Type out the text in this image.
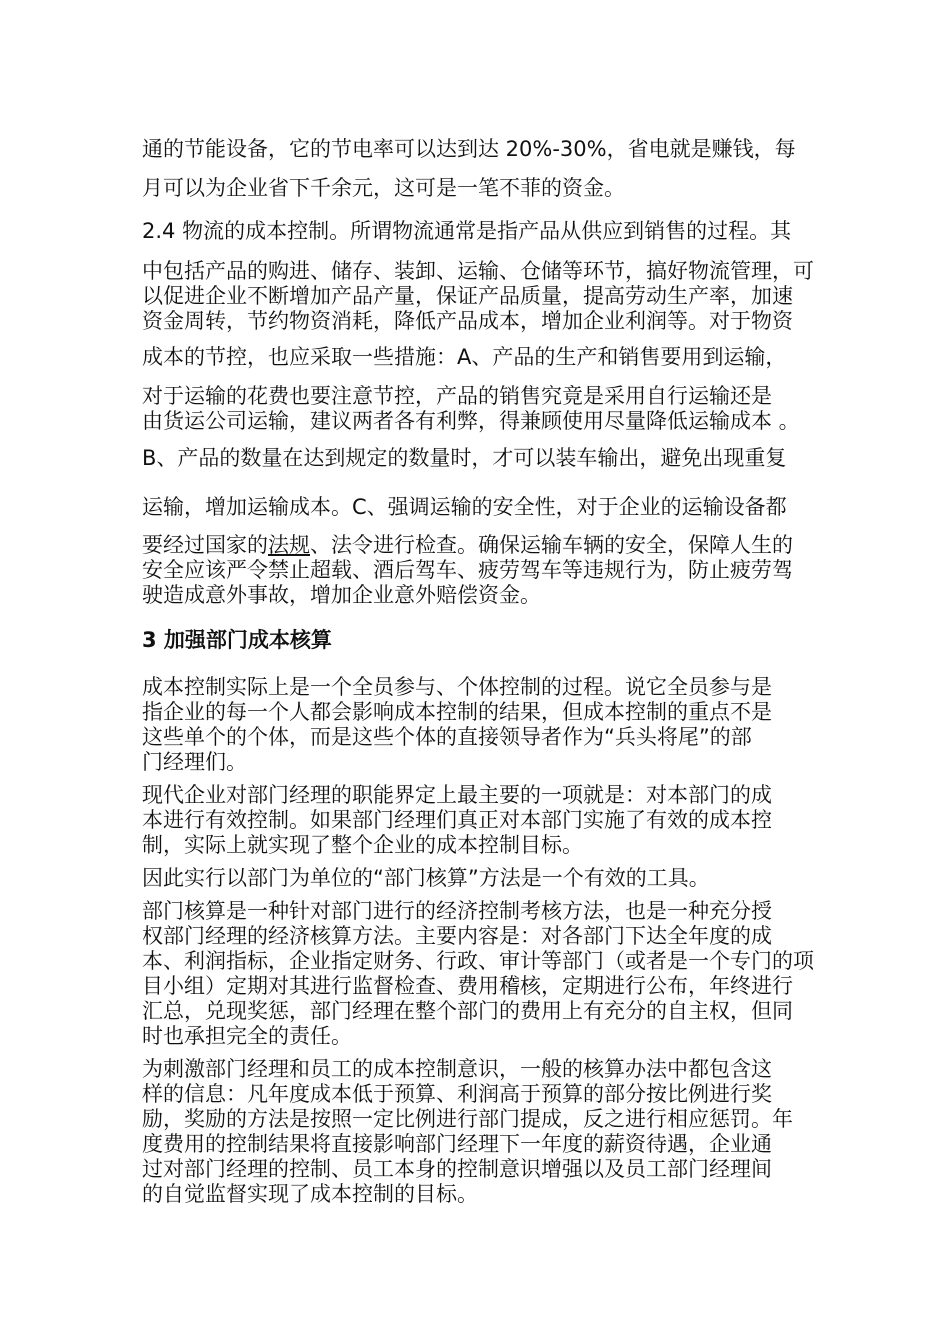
通的节能设备，它的节电率可以达到达 20%-30%，省电就是赚钱，每
月可以为企业省下千余元，这可是一笔不菲的资金。
2.4 物流的成本控制。所谓物流通常是指产品从供应到销售的过程。其
中包括产品的购进、储存、装卸、运输、仓储等环节，搞好物流管理，可
以促进企业不断增加产品产量，保证产品质量，提高劳动生产率，加速
资金周转，节约物资消耗，降低产品成本，增加企业利润等。对于物资
成本的节控，也应采取一些措施：A、产品的生产和销售要用到运输，
对于运输的花费也要注意节控，产品的销售究竟是采用自行运输还是
由货运公司运输，建议两者各有利弊，得兼顾使用尽量降低运输成本 。
B、产品的数量在达到规定的数量时，才可以装车输出，避免出现重复
运输，增加运输成本。C、强调运输的安全性，对于企业的运输设备都
要经过国家的法规、法令进行检查。确保运输车辆的安全，保障人生的
安全应该严令禁止超载、酒后驾车、疲劳驾车等违规行为，防止疲劳驾
驶造成意外事故，增加企业意外赔偿资金。
3 加强部门成本核算
成本控制实际上是一个全员参与、个体控制的过程。说它全员参与是
指企业的每一个人都会影响成本控制的结果，但成本控制的重点不是
这些单个的个体，而是这些个体的直接领导者作为“兵头将尾”的部
门经理们。
现代企业对部门经理的职能界定上最主要的一项就是：对本部门的成
本进行有效控制。如果部门经理们真正对本部门实施了有效的成本控
制，实际上就实现了整个企业的成本控制目标。
因此实行以部门为单位的“部门核算”方法是一个有效的工具。
部门核算是一种针对部门进行的经济控制考核方法，也是一种充分授
权部门经理的经济核算方法。主要内容是：对各部门下达全年度的成
本、利润指标，企业指定财务、行政、审计等部门（或者是一个专门的项
目小组）定期对其进行监督检查、费用稽核，定期进行公布，年终进行
汇总，兑现奖惩，部门经理在整个部门的费用上有充分的自主权，但同
时也承担完全的责任。
为刺激部门经理和员工的成本控制意识，一般的核算办法中都包含这
样的信息：凡年度成本低于预算、利润高于预算的部分按比例进行奖
励，奖励的方法是按照一定比例进行部门提成，反之进行相应惩罚。年
度费用的控制结果将直接影响部门经理下一年度的薪资待遇，企业通
过对部门经理的控制、员工本身的控制意识增强以及员工部门经理间
的自觉监督实现了成本控制的目标。
